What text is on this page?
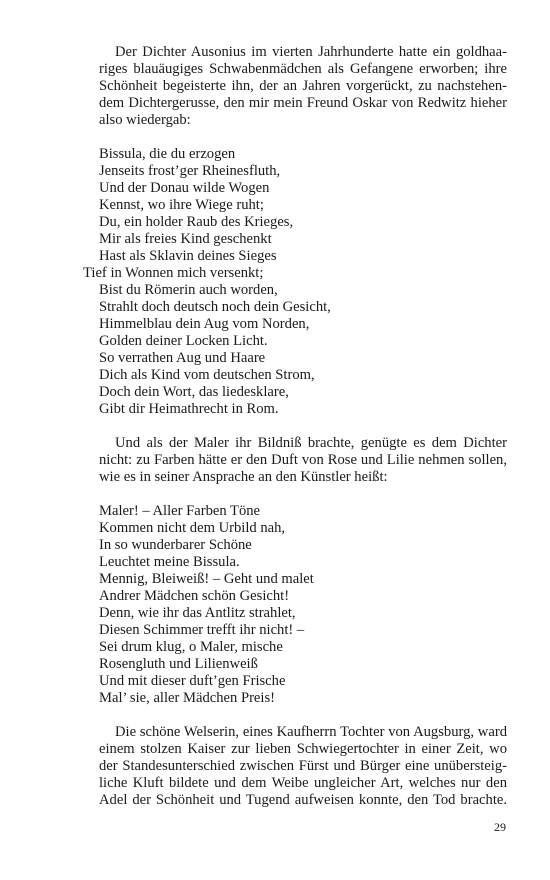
Der Dichter Ausonius im vierten Jahrhunderte hatte ein goldhaa-
riges blauäugiges Schwabenmädchen als Gefangene erworben; ihre
Schönheit begeisterte ihn, der an Jahren vorgerückt, zu nachstehen-
dem Dichtergerusse, den mir mein Freund Oskar von Redwitz hieher
also wiedergab:
Bissula, die du erzogen
Jenseits frost’ger Rheinesfluth,
Und der Donau wilde Wogen
Kennst, wo ihre Wiege ruht;
Du, ein holder Raub des Krieges,
Mir als freies Kind geschenkt
Hast als Sklavin deines Sieges
Tief in Wonnen mich versenkt;
Bist du Römerin auch worden,
Strahlt doch deutsch noch dein Gesicht,
Himmelblau dein Aug vom Norden,
Golden deiner Locken Licht.
So verrathen Aug und Haare
Dich als Kind vom deutschen Strom,
Doch dein Wort, das liedesklare,
Gibt dir Heimathrecht in Rom.
Und als der Maler ihr Bildniß brachte, genügte es dem Dichter
nicht: zu Farben hätte er den Duft von Rose und Lilie nehmen sollen,
wie es in seiner Ansprache an den Künstler heißt:
Maler! – Aller Farben Töne
Kommen nicht dem Urbild nah,
In so wunderbarer Schöne
Leuchtet meine Bissula.
Mennig, Bleiweiß! – Geht und malet
Andrer Mädchen schön Gesicht!
Denn, wie ihr das Antlitz strahlet,
Diesen Schimmer trefft ihr nicht! –
Sei drum klug, o Maler, mische
Rosengluth und Lilienweiß
Und mit dieser duft’gen Frische
Mal’ sie, aller Mädchen Preis!
Die schöne Welserin, eines Kaufherrn Tochter von Augsburg, ward
einem stolzen Kaiser zur lieben Schwiegertochter in einer Zeit, wo
der Standesunterschied zwischen Fürst und Bürger eine unübersteig-
liche Kluft bildete und dem Weibe ungleicher Art, welches nur den
Adel der Schönheit und Tugend aufweisen konnte, den Tod brachte.
29
